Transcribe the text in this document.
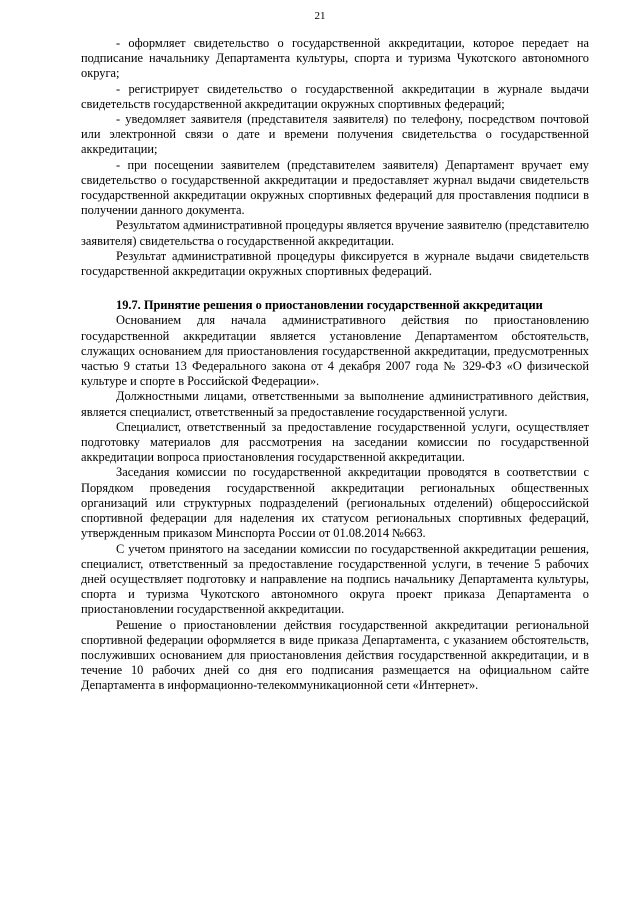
21

- оформляет свидетельство о государственной аккредитации, которое передает на подписание начальнику Департамента культуры, спорта и туризма Чукотского автономного округа;

- регистрирует свидетельство о государственной аккредитации в журнале выдачи свидетельств государственной аккредитации окружных спортивных федераций;

- уведомляет заявителя (представителя заявителя) по телефону, посредством почтовой или электронной связи о дате и времени получения свидетельства о государственной аккредитации;

- при посещении заявителем (представителем заявителя) Департамент вручает ему свидетельство о государственной аккредитации и предоставляет журнал выдачи свидетельств государственной аккредитации окружных спортивных федераций для проставления подписи в получении данного документа.

Результатом административной процедуры является вручение заявителю (представителю заявителя) свидетельства о государственной аккредитации.

Результат административной процедуры фиксируется в журнале выдачи свидетельств государственной аккредитации окружных спортивных федераций.

19.7. Принятие решения о приостановлении государственной аккредитации

Основанием для начала административного действия по приостановлению государственной аккредитации является установление Департаментом обстоятельств, служащих основанием для приостановления государственной аккредитации, предусмотренных частью 9 статьи 13 Федерального закона от 4 декабря 2007 года № 329-ФЗ «О физической культуре и спорте в Российской Федерации».

Должностными лицами, ответственными за выполнение административного действия, является специалист, ответственный за предоставление государственной услуги.

Специалист, ответственный за предоставление государственной услуги, осуществляет подготовку материалов для рассмотрения на заседании комиссии по государственной аккредитации вопроса приостановления государственной аккредитации.

Заседания комиссии по государственной аккредитации проводятся в соответствии с Порядком проведения государственной аккредитации региональных общественных организаций или структурных подразделений (региональных отделений) общероссийской спортивной федерации для наделения их статусом региональных спортивных федераций, утвержденным приказом Минспорта России от 01.08.2014 №663.

С учетом принятого на заседании комиссии по государственной аккредитации решения, специалист, ответственный за предоставление государственной услуги, в течение 5 рабочих дней осуществляет подготовку и направление на подпись начальнику Департамента культуры, спорта и туризма Чукотского автономного округа проект приказа Департамента о приостановлении государственной аккредитации.

Решение о приостановлении действия государственной аккредитации региональной спортивной федерации оформляется в виде приказа Департамента, с указанием обстоятельств, послуживших основанием для приостановления действия государственной аккредитации, и в течение 10 рабочих дней со дня его подписания размещается на официальном сайте Департамента в информационно-телекоммуникационной сети «Интернет».
